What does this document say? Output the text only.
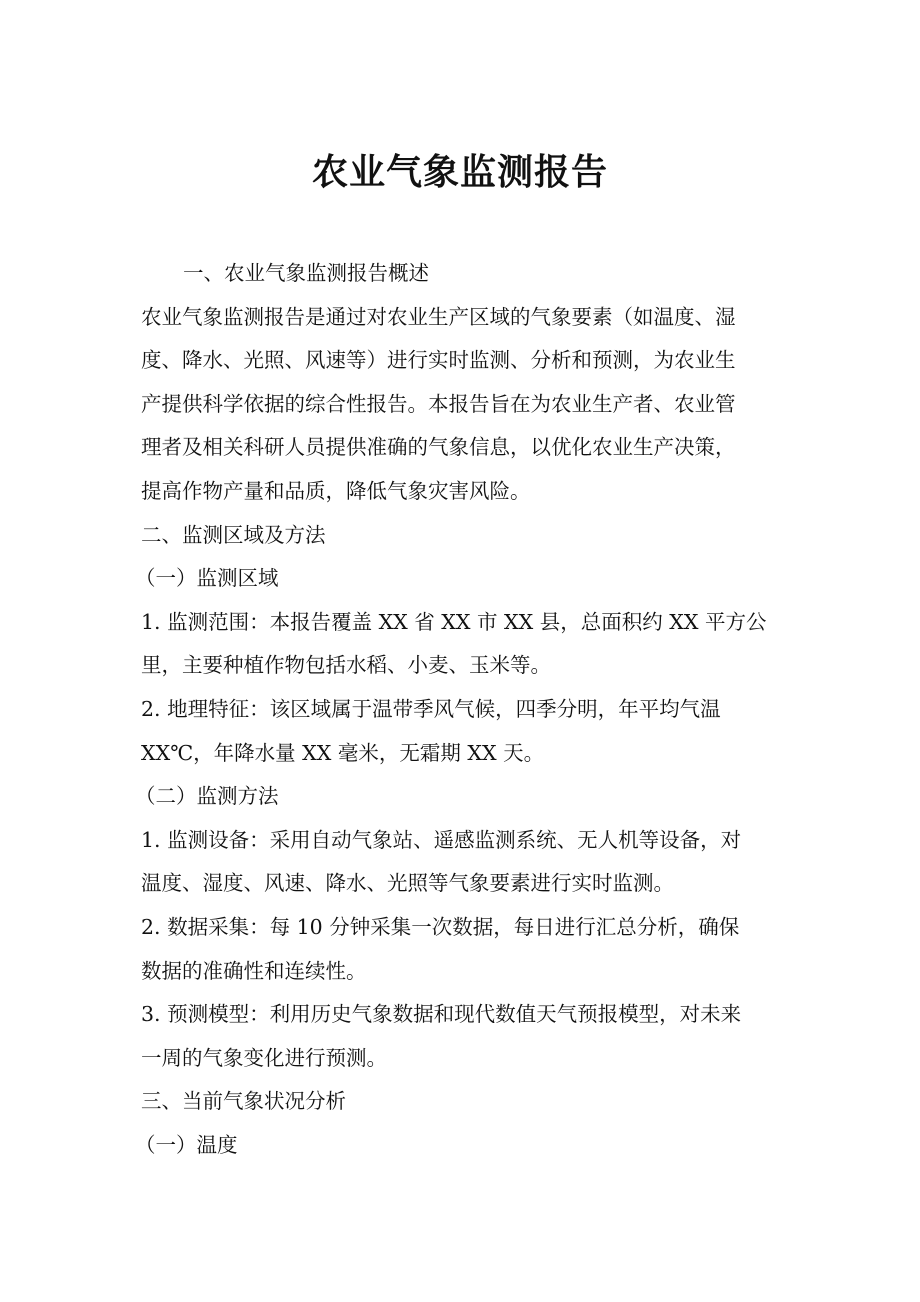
农业气象监测报告
一、农业气象监测报告概述
农业气象监测报告是通过对农业生产区域的气象要素（如温度、湿
度、降水、光照、风速等）进行实时监测、分析和预测，为农业生
产提供科学依据的综合性报告。本报告旨在为农业生产者、农业管
理者及相关科研人员提供准确的气象信息，以优化农业生产决策，
提高作物产量和品质，降低气象灾害风险。
二、监测区域及方法
（一）监测区域
1. 监测范围：本报告覆盖 XX 省 XX 市 XX 县，总面积约 XX 平方公
里，主要种植作物包括水稻、小麦、玉米等。
2. 地理特征：该区域属于温带季风气候，四季分明，年平均气温
XX℃，年降水量 XX 毫米，无霜期 XX 天。
（二）监测方法
1. 监测设备：采用自动气象站、遥感监测系统、无人机等设备，对
温度、湿度、风速、降水、光照等气象要素进行实时监测。
2. 数据采集：每 10 分钟采集一次数据，每日进行汇总分析，确保
数据的准确性和连续性。
3. 预测模型：利用历史气象数据和现代数值天气预报模型，对未来
一周的气象变化进行预测。
三、当前气象状况分析
（一）温度
